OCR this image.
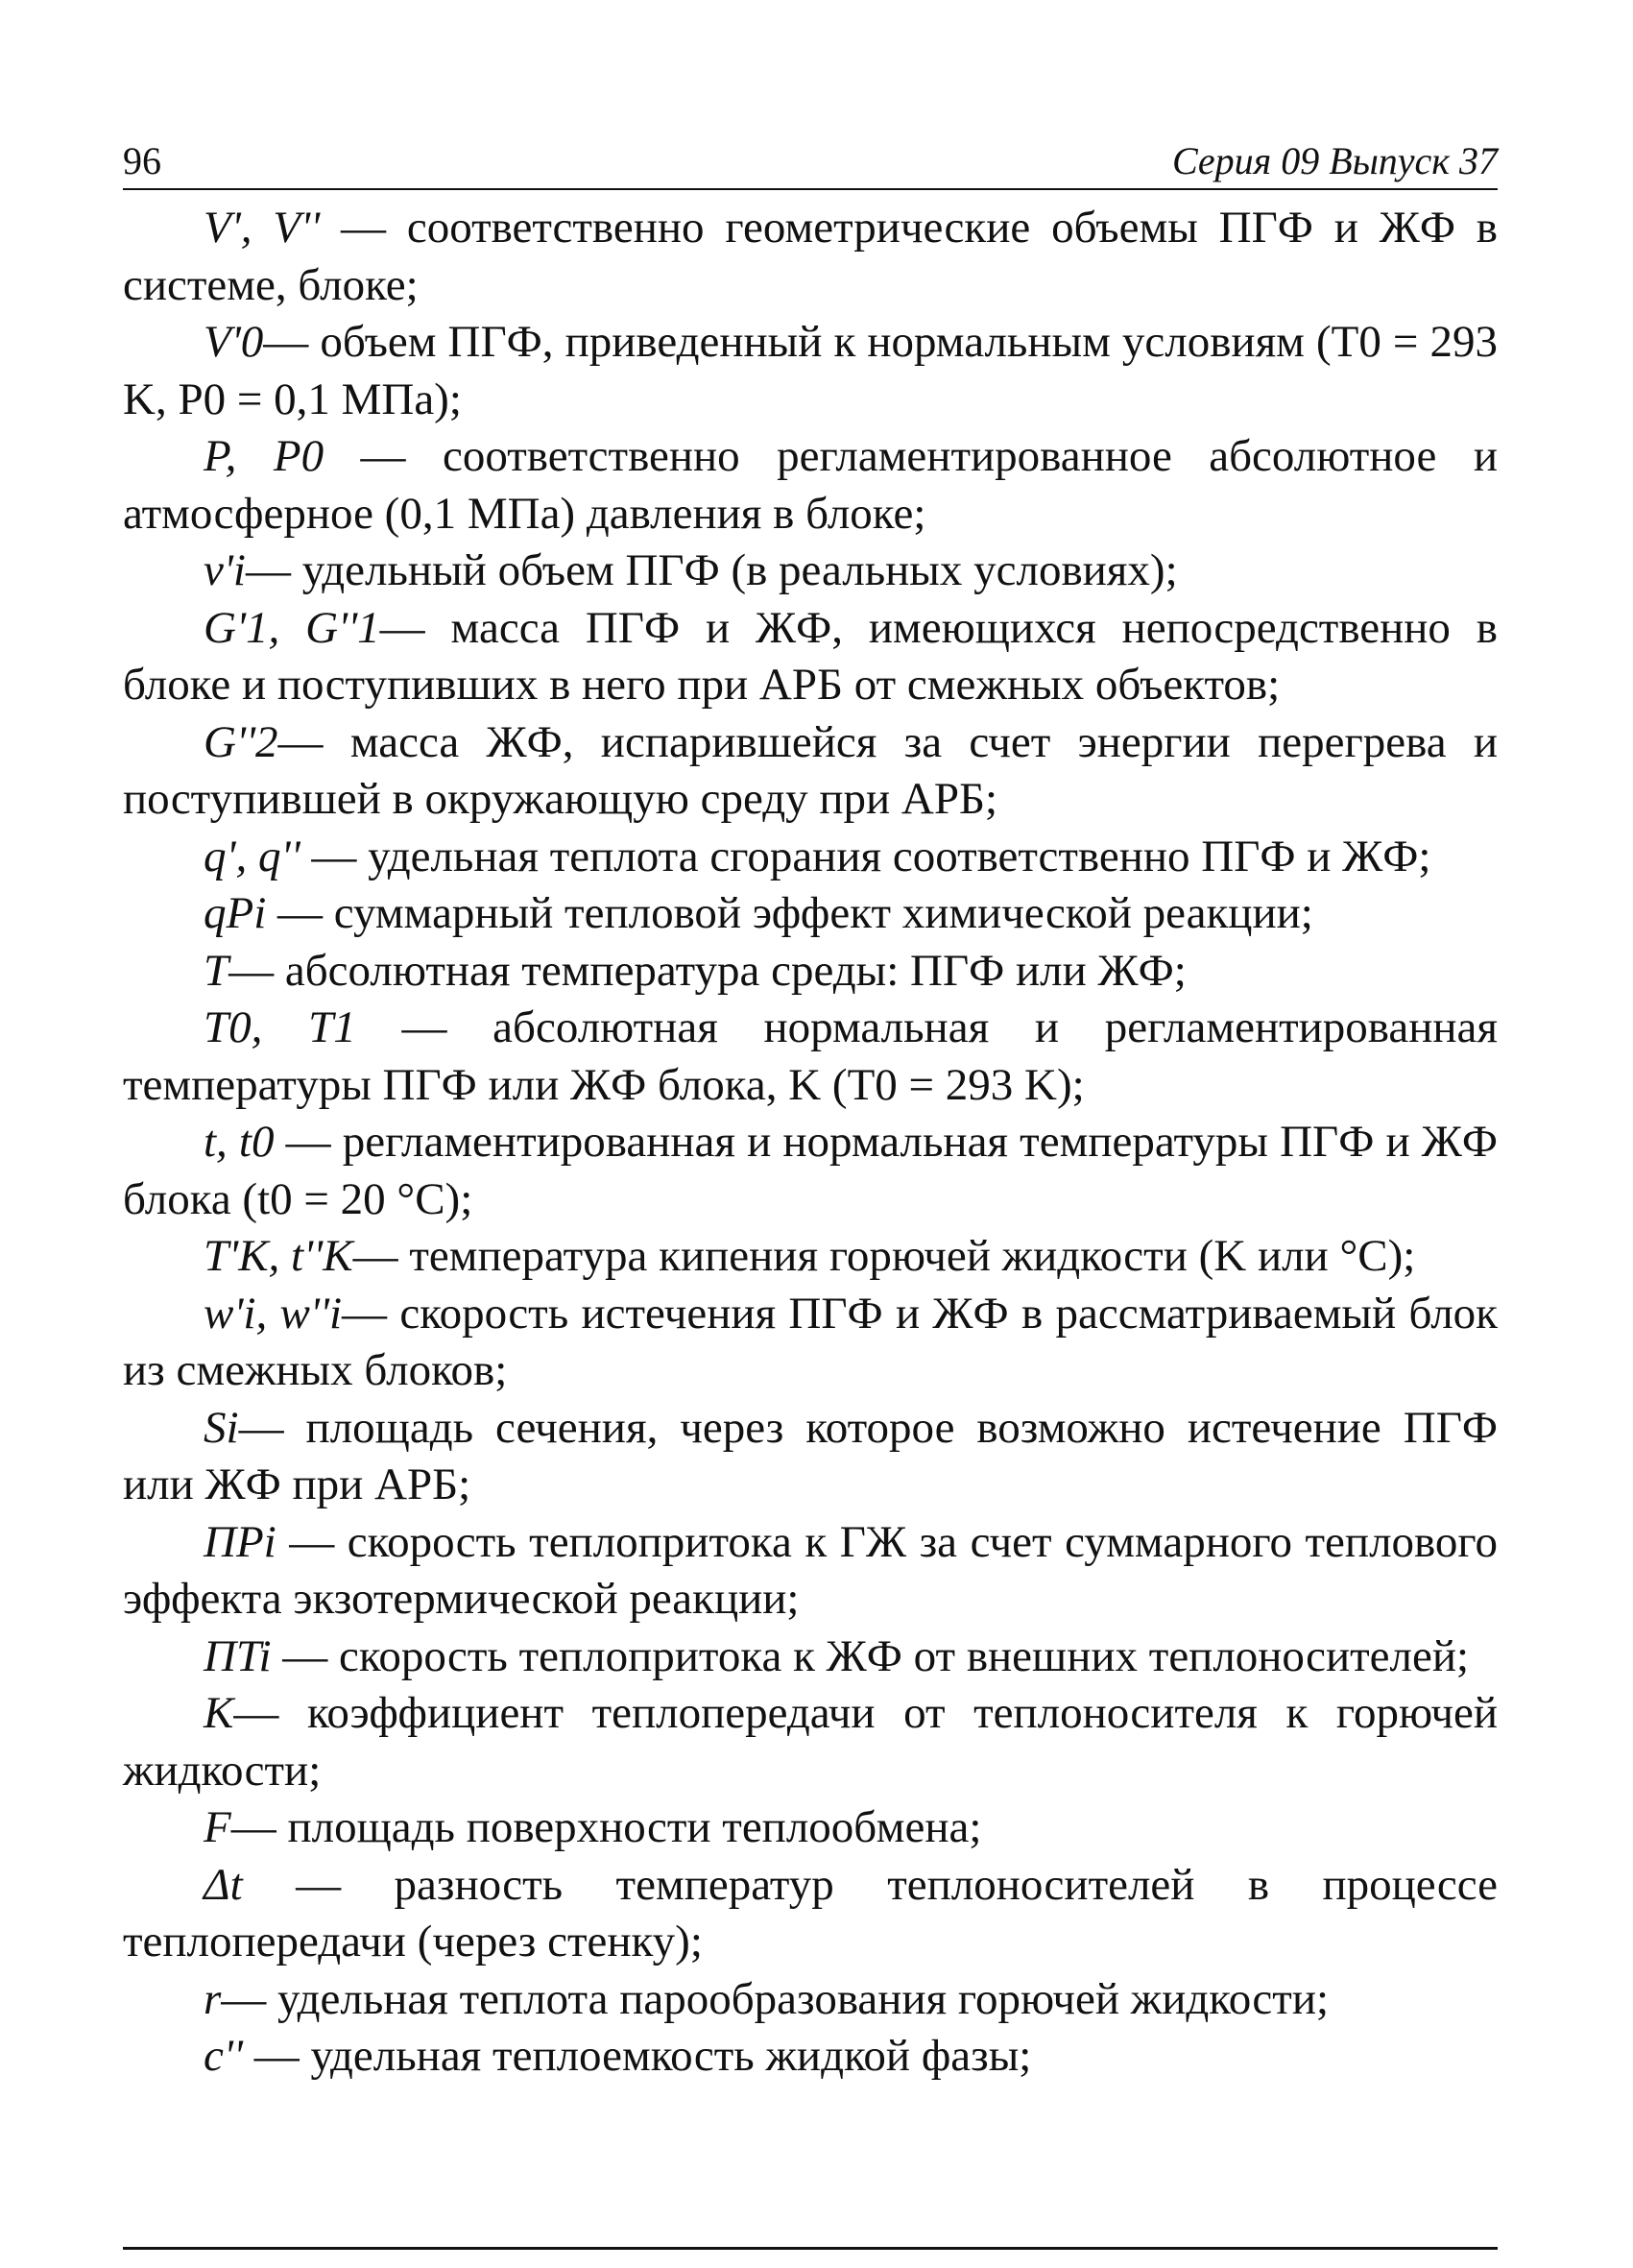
96	Серия 09 Выпуск 37

V', V'' — соответственно геометрические объемы ПГФ и ЖФ в системе, блоке;

V'0— объем ПГФ, приведенный к нормальным условиям (T0 = 293 K, P0 = 0,1 МПа);

P, P0 — соответственно регламентированное абсолютное и атмосферное (0,1 МПа) давления в блоке;

v'i— удельный объем ПГФ (в реальных условиях);

G'1, G''1— масса ПГФ и ЖФ, имеющихся непосредственно в блоке и поступивших в него при АРБ от смежных объектов;

G''2— масса ЖФ, испарившейся за счет энергии перегрева и поступившей в окружающую среду при АРБ;

q', q'' — удельная теплота сгорания соответственно ПГФ и ЖФ;

qPi — суммарный тепловой эффект химической реакции;

T— абсолютная температура среды: ПГФ или ЖФ;

T0, T1 — абсолютная нормальная и регламентированная температуры ПГФ или ЖФ блока, K (T0 = 293 K);

t, t0 — регламентированная и нормальная температуры ПГФ и ЖФ блока (t0 = 20 °C);

T'K, t''K— температура кипения горючей жидкости (K или °C);

w'i, w''i— скорость истечения ПГФ и ЖФ в рассматриваемый блок из смежных блоков;

Si— площадь сечения, через которое возможно истечение ПГФ или ЖФ при АРБ;

ПPi — скорость теплопритока к ГЖ за счет суммарного теплового эффекта экзотермической реакции;

ПTi — скорость теплопритока к ЖФ от внешних теплоносителей;

K— коэффициент теплопередачи от теплоносителя к горючей жидкости;

F— площадь поверхности теплообмена;

Δt — разность температур теплоносителей в процессе теплопередачи (через стенку);

r— удельная теплота парообразования горючей жидкости;

c'' — удельная теплоемкость жидкой фазы;
